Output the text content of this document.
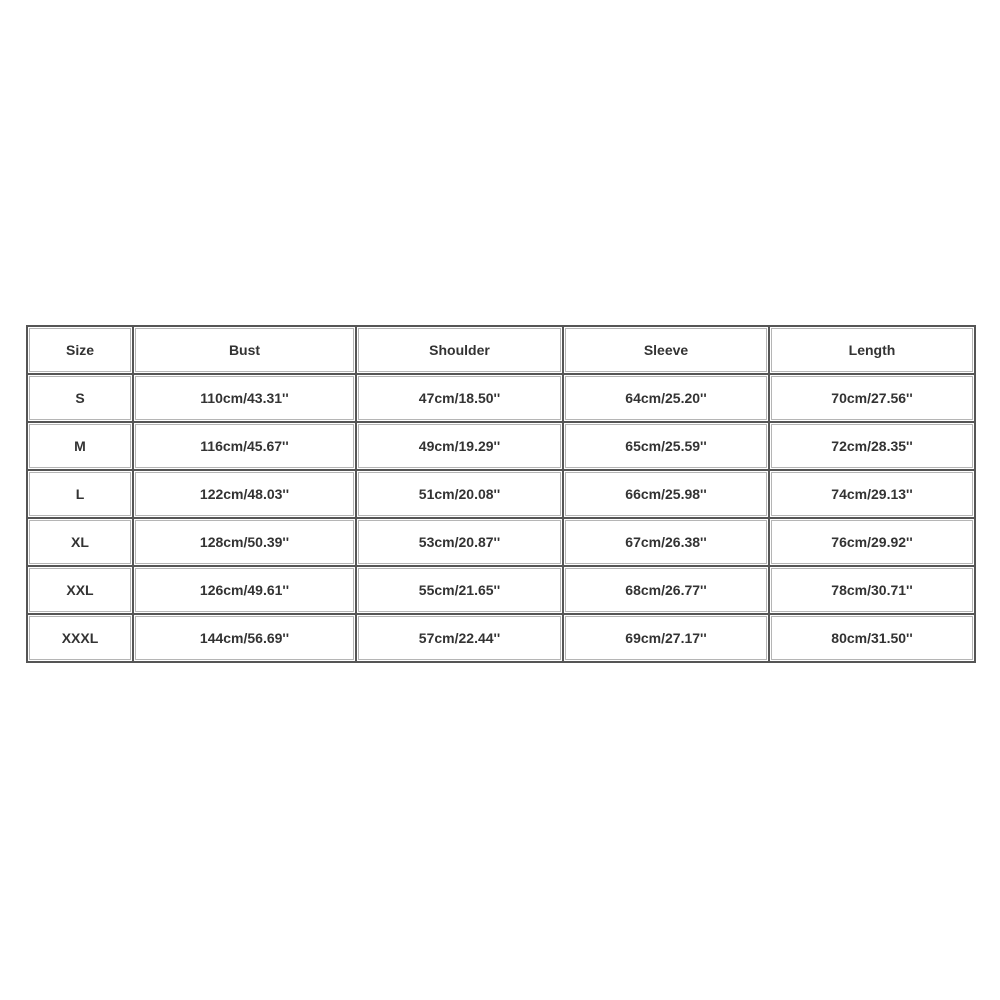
Size	Bust	Shoulder	Sleeve	Length
S	110cm/43.31''	47cm/18.50''	64cm/25.20''	70cm/27.56''
M	116cm/45.67''	49cm/19.29''	65cm/25.59''	72cm/28.35''
L	122cm/48.03''	51cm/20.08''	66cm/25.98''	74cm/29.13''
XL	128cm/50.39''	53cm/20.87''	67cm/26.38''	76cm/29.92''
XXL	126cm/49.61''	55cm/21.65''	68cm/26.77''	78cm/30.71''
XXXL	144cm/56.69''	57cm/22.44''	69cm/27.17''	80cm/31.50''
